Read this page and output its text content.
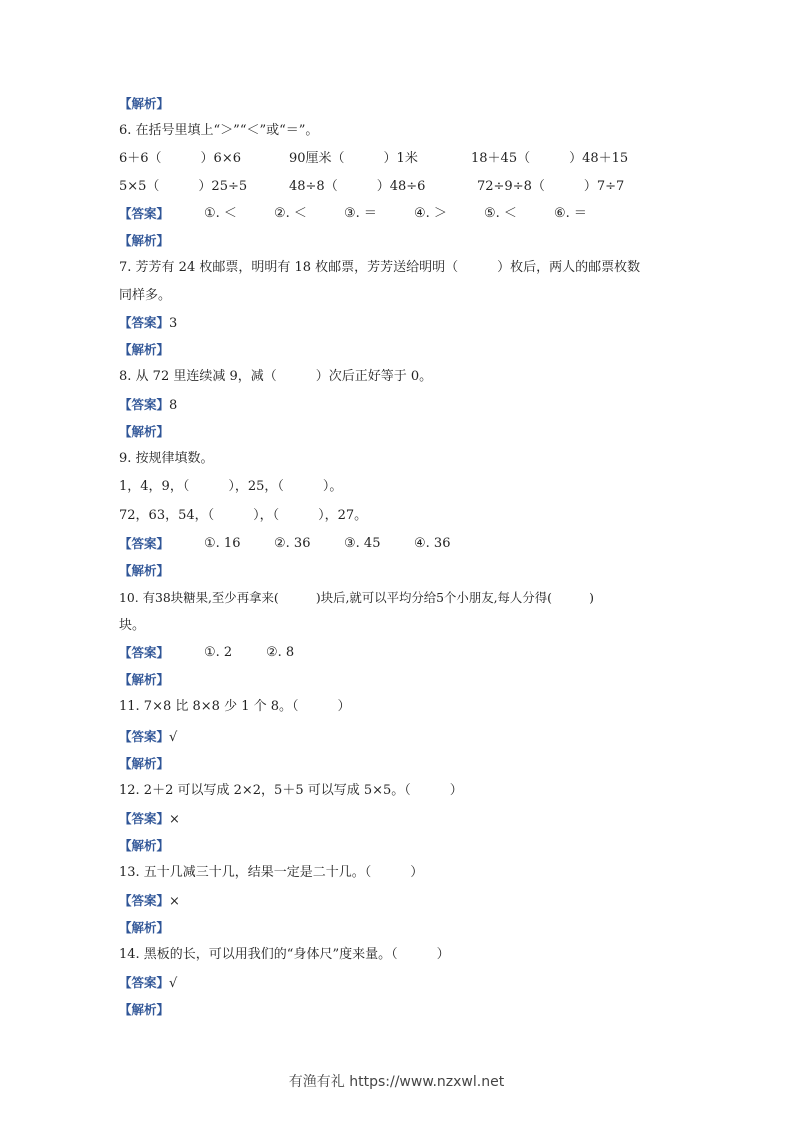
【解析】
6. 在括号里填上“＞”“＜”或“＝”。
6＋6（　　　）6×6	90厘米（　　　）1米	18＋45（　　　）48＋15
5×5（　　　）25÷5	48÷8（　　　）48÷6	72÷9÷8（　　　）7÷7
【答案】	①. ＜	②. ＜	③. ＝	④. ＞	⑤. ＜	⑥. ＝
【解析】
7. 芳芳有 24 枚邮票，明明有 18 枚邮票，芳芳送给明明（　　　）枚后，两人的邮票枚数
同样多。
【答案】3
【解析】
8. 从 72 里连续减 9，减（　　　）次后正好等于 0。
【答案】8
【解析】
9. 按规律填数。
1，4，9，（　　　），25，（　　　）。
72，63，54，（　　　），（　　　），27。
【答案】	①. 16	②. 36	③. 45	④. 36
【解析】
10. 有38块糖果,至少再拿来(　　　)块后,就可以平均分给5个小朋友,每人分得(　　　)
块。
【答案】	①. 2	②. 8
【解析】
11. 7×8 比 8×8 少 1 个 8。（　　　）
【答案】√
【解析】
12. 2＋2 可以写成 2×2，5＋5 可以写成 5×5。（　　　）
【答案】×
【解析】
13. 五十几减三十几，结果一定是二十几。（　　　）
【答案】×
【解析】
14. 黑板的长，可以用我们的“身体尺”度来量。（　　　）
【答案】√
【解析】
有渔有礼 https://www.nzxwl.net
